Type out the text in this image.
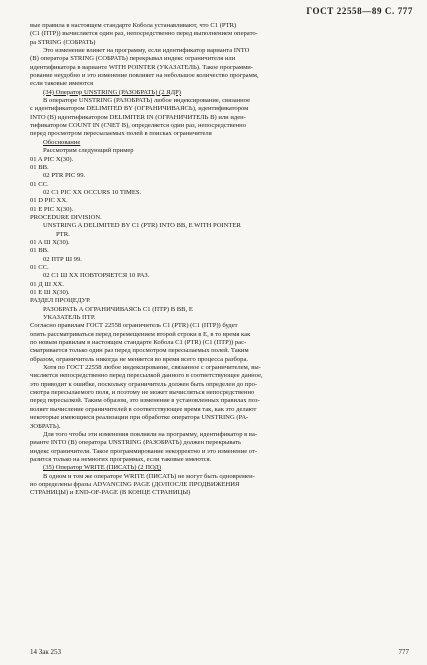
ГОСТ 22558—89 С. 777
вые правила в настоящем стандарте Кобола устанавливают, что C1 (PTR)
(C1 (ПТР)) вычисляется один раз, непосредственно перед выполнением операто-
ра STRING (СОБРАТЬ)
Это изменение влияет на программу, если идентификатор варианта INTO
(В) оператора STRING (СОБРАТЬ) перекрывал индекс ограничителя или
идентификатора в варианте WITH POINTER (УКАЗАТЕЛЬ). Такое программи-
рование неудобно и это изменение повлияет на небольшое количество программ,
если таковые имеются
(34) Оператор UNSTRING (РАЗОБРАТЬ) (2 ЯДР)
В операторе UNSTRING (РАЗОБРАТЬ) любое индексирование, связанное
с идентификатором DELIMITED BY (ОГРАНИЧИВАЯСЬ), идентификатором
INTO (В) идентификатором DELIMITER IN (ОГРАНИЧИТЕЛЬ В) или иден-
тификатором COUNT IN (СЧЕТ В), определяется один раз, непосредственно
перед просмотром пересылаемых полей в поисках ограничителя
Обоснование
Рассмотрим следующий пример
01 A PIC X(30).
01 BB.
02 PTR PIC 99.
01 CC.
02 C1 PIC XX OCCURS 10 TIMES.
01 D PIC XX.
01 E PIC X(30).
PROCEDURE DIVISION.
UNSTRING A DELIMITED BY C1 (PTR) INTO BB, E WITH POINTER
PTR.
01 A Ш X(30).
01 ВВ.
02 ПТР Ш 99.
01 СС.
02 С1 Ш ХХ ПОВТОРЯЕТСЯ 10 РАЗ.
01 Д Ш XX.
01 Е Ш X(30).
РАЗДЕЛ ПРОЦЕДУР.
РАЗОБРАТЬ А ОГРАНИЧИВАЯСЬ С1 (ПТР) В ВВ, Е
УКАЗАТЕЛЬ ПТР.
Согласно правилам ГОСТ 22558 ограничитель C1 (PTR) (C1 (ПТР)) будет
опять рассматриваться перед перемещением второй строки в Е, в то время как
по новым правилам в настоящем стандарте Кобола C1 (PTR) (C1 (ПТР)) рас-
сматривается только один раз перед просмотром пересылаемых полей. Таким
образом, ограничитель никогда не меняется во время всего процесса разбора.
Хотя по ГОСТ 22558 любое индексирование, связанное с ограничителем, вы-
числяется непосредственно перед пересылкой данного в соответствующее данное,
это приводит к ошибке, поскольку ограничитель должен быть определен до про-
смотра пересылаемого поля, и поэтому не может вычисляться непосредственно
перед пересылкой. Таким образом, это изменение в установленных правилах поз-
воляет вычисление ограничителей в соответствующее время так, как это делают
некоторые имеющиеся реализации при обработке оператора UNSTRING (РА-
ЗОБРАТЬ).
Для того чтобы эти изменения повлияли на программу, идентификатор в ва-
рианте INTO (В) оператора UNSTRING (РАЗОБРАТЬ) должен перекрывать
индекс ограничителя. Такое программирование некорректно и это изменение от-
разится только на немногих программах, если таковые имеются.
(35) Оператор WRITE (ПИСАТЬ) (2 ПОД)
В одном и том же операторе WRITE (ПИСАТЬ) не могут быть одновремен-
но определены фразы ADVANCING PAGE (ДО/ПОСЛЕ ПРОДВИЖЕНИЯ
СТРАНИЦЫ) и END-OF-PAGE (В КОНЦЕ СТРАНИЦЫ)
14 Зак 253	777
